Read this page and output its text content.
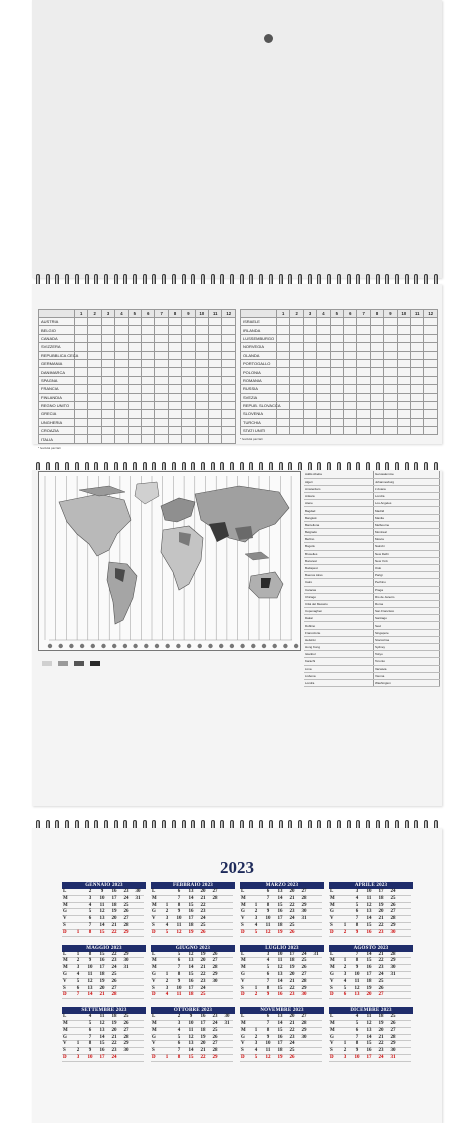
	1	2	3	4	5	6	7	8	9	10	11	12
AUSTRIA												
BELGIO												
CANADA												
SVIZZERA												
REPUBBLICA CECA												
GERMANIA												
DANIMARCA												
SPAGNA												
FRANCIA												
FINLANDIA												
REGNO UNITO												
GRECIA												
UNGHERIA												
CROAZIA												
ITALIA												
* festività parziali
	1	2	3	4	5	6	7	8	9	10	11	12
ISRAELE												
IRLANDA												
LUSSEMBURGO												
NORVEGIA												
OLANDA												
PORTOGALLO												
POLONIA												
ROMANIA												
RUSSIA												
SVEZIA												
REPUB. SLOVACCA												
SLOVENIA												
TURCHIA												
STATI UNITI												
* festività parziali
Addis Abeba		Gerusalemme	
Algeri		Johannesburg	
Amsterdam		L'Avana	
Ankara		Londra	
Atene		Los Angeles	
Bagdad		Madrid	
Bangkok		Manila	
Barcellona		Melbourne	
Belgrado		Montreal	
Berlino		Mosca	
Bogotà		Nairobi	
Bruxelles		New Delhi	
Bucarest		New York	
Budapest		Oslo	
Buenos Aires		Parigi	
Cairo		Pechino	
Caracas		Praga	
Chicago		Rio de Janeiro	
Città del Messico		Roma	
Copenaghen		San Francisco	
Dakar		Santiago	
Dublino		Seul	
Francoforte		Singapore	
Helsinki		Stoccolma	
Hong Kong		Sydney	
Istanbul		Tokyo	
Karachi		Toronto	
Lima		Varsavia	
Lisbona		Vienna	
Londra		Washington	
2023
GENNAIO 2023
L	2	9	16	23	30
M	3	10	17	24	31
M	4	11	18	25
G	5	12	19	26
V	6	13	20	27
S	7	14	21	28
D	1	8	15	22	29
FEBBRAIO 2023
L	6	13	20	27
M	7	14	21	28
M	1	8	15	22
G	2	9	16	23
V	3	10	17	24
S	4	11	18	25
D	5	12	19	26
MARZO 2023
L	6	13	20	27
M	7	14	21	28
M	1	8	15	22	29
G	2	9	16	23	30
V	3	10	17	24	31
S	4	11	18	25
D	5	12	19	26
APRILE 2023
L	3	10	17	24
M	4	11	18	25
M	5	12	19	26
G	6	13	20	27
V	7	14	21	28
S	1	8	15	22	29
D	2	9	16	23	30
MAGGIO 2023
L	1	8	15	22	29
M	2	9	16	23	30
M	3	10	17	24	31
G	4	11	18	25
V	5	12	19	26
S	6	13	20	27
D	7	14	21	28
GIUGNO 2023
L	5	12	19	26
M	6	13	20	27
M	7	14	21	28
G	1	8	15	22	29
V	2	9	16	23	30
S	3	10	17	24
D	4	11	18	25
LUGLIO 2023
L	3	10	17	24	31
M	4	11	18	25
M	5	12	19	26
G	6	13	20	27
V	7	14	21	28
S	1	8	15	22	29
D	2	9	16	23	30
AGOSTO 2023
L	7	14	21	28
M	1	8	15	22	29
M	2	9	16	23	30
G	3	10	17	24	31
V	4	11	18	25
S	5	12	19	26
D	6	13	20	27
SETTEMBRE 2023
L	4	11	18	25
M	5	12	19	26
M	6	13	20	27
G	7	14	21	28
V	1	8	15	22	29
S	2	9	16	23	30
D	3	10	17	24
OTTOBRE 2023
L	2	9	16	23	30
M	3	10	17	24	31
M	4	11	18	25
G	5	12	19	26
V	6	13	20	27
S	7	14	21	28
D	1	8	15	22	29
NOVEMBRE 2023
L	6	13	20	27
M	7	14	21	28
M	1	8	15	22	29
G	2	9	16	23	30
V	3	10	17	24
S	4	11	18	25
D	5	12	19	26
DICEMBRE 2023
L	4	11	18	25
M	5	12	19	26
M	6	13	20	27
G	7	14	21	28
V	1	8	15	22	29
S	2	9	16	23	30
D	3	10	17	24	31
